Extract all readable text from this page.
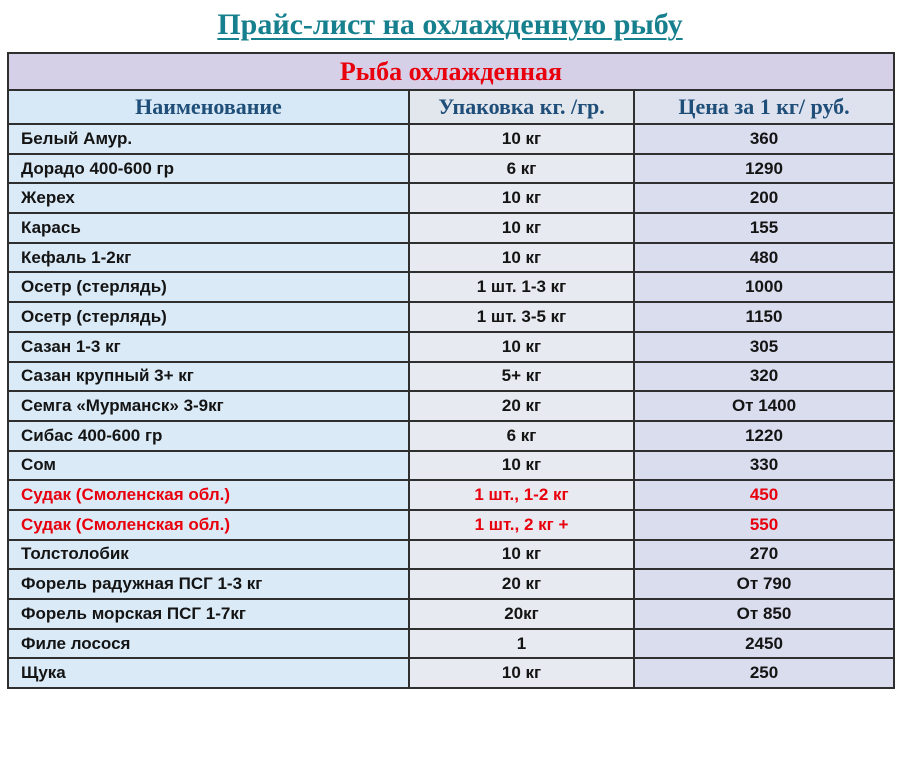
Прайс-лист на охлажденную рыбу
Рыба охлажденная		
Наименование	Упаковка кг. /гр.	Цена за 1 кг/ руб.
Белый Амур.	10 кг	360
Дорадо 400-600 гр	6 кг	1290
Жерех	10 кг	200
Карась	10 кг	155
Кефаль 1-2кг	10 кг	480
Осетр (стерлядь)	1 шт. 1-3 кг	1000
Осетр (стерлядь)	1 шт. 3-5 кг	1150
Сазан 1-3 кг	10 кг	305
Сазан крупный 3+ кг	5+ кг	320
Семга «Мурманск» 3-9кг	20 кг	От 1400
Сибас 400-600 гр	6 кг	1220
Сом	10 кг	330
Судак (Смоленская обл.)	1 шт., 1-2 кг	450
Судак (Смоленская обл.)	1 шт., 2 кг +	550
Толстолобик	10 кг	270
Форель радужная ПСГ 1-3 кг	20 кг	От 790
Форель морская ПСГ 1-7кг	20кг	От 850
Филе лосося	1	2450
Щука	10 кг	250
